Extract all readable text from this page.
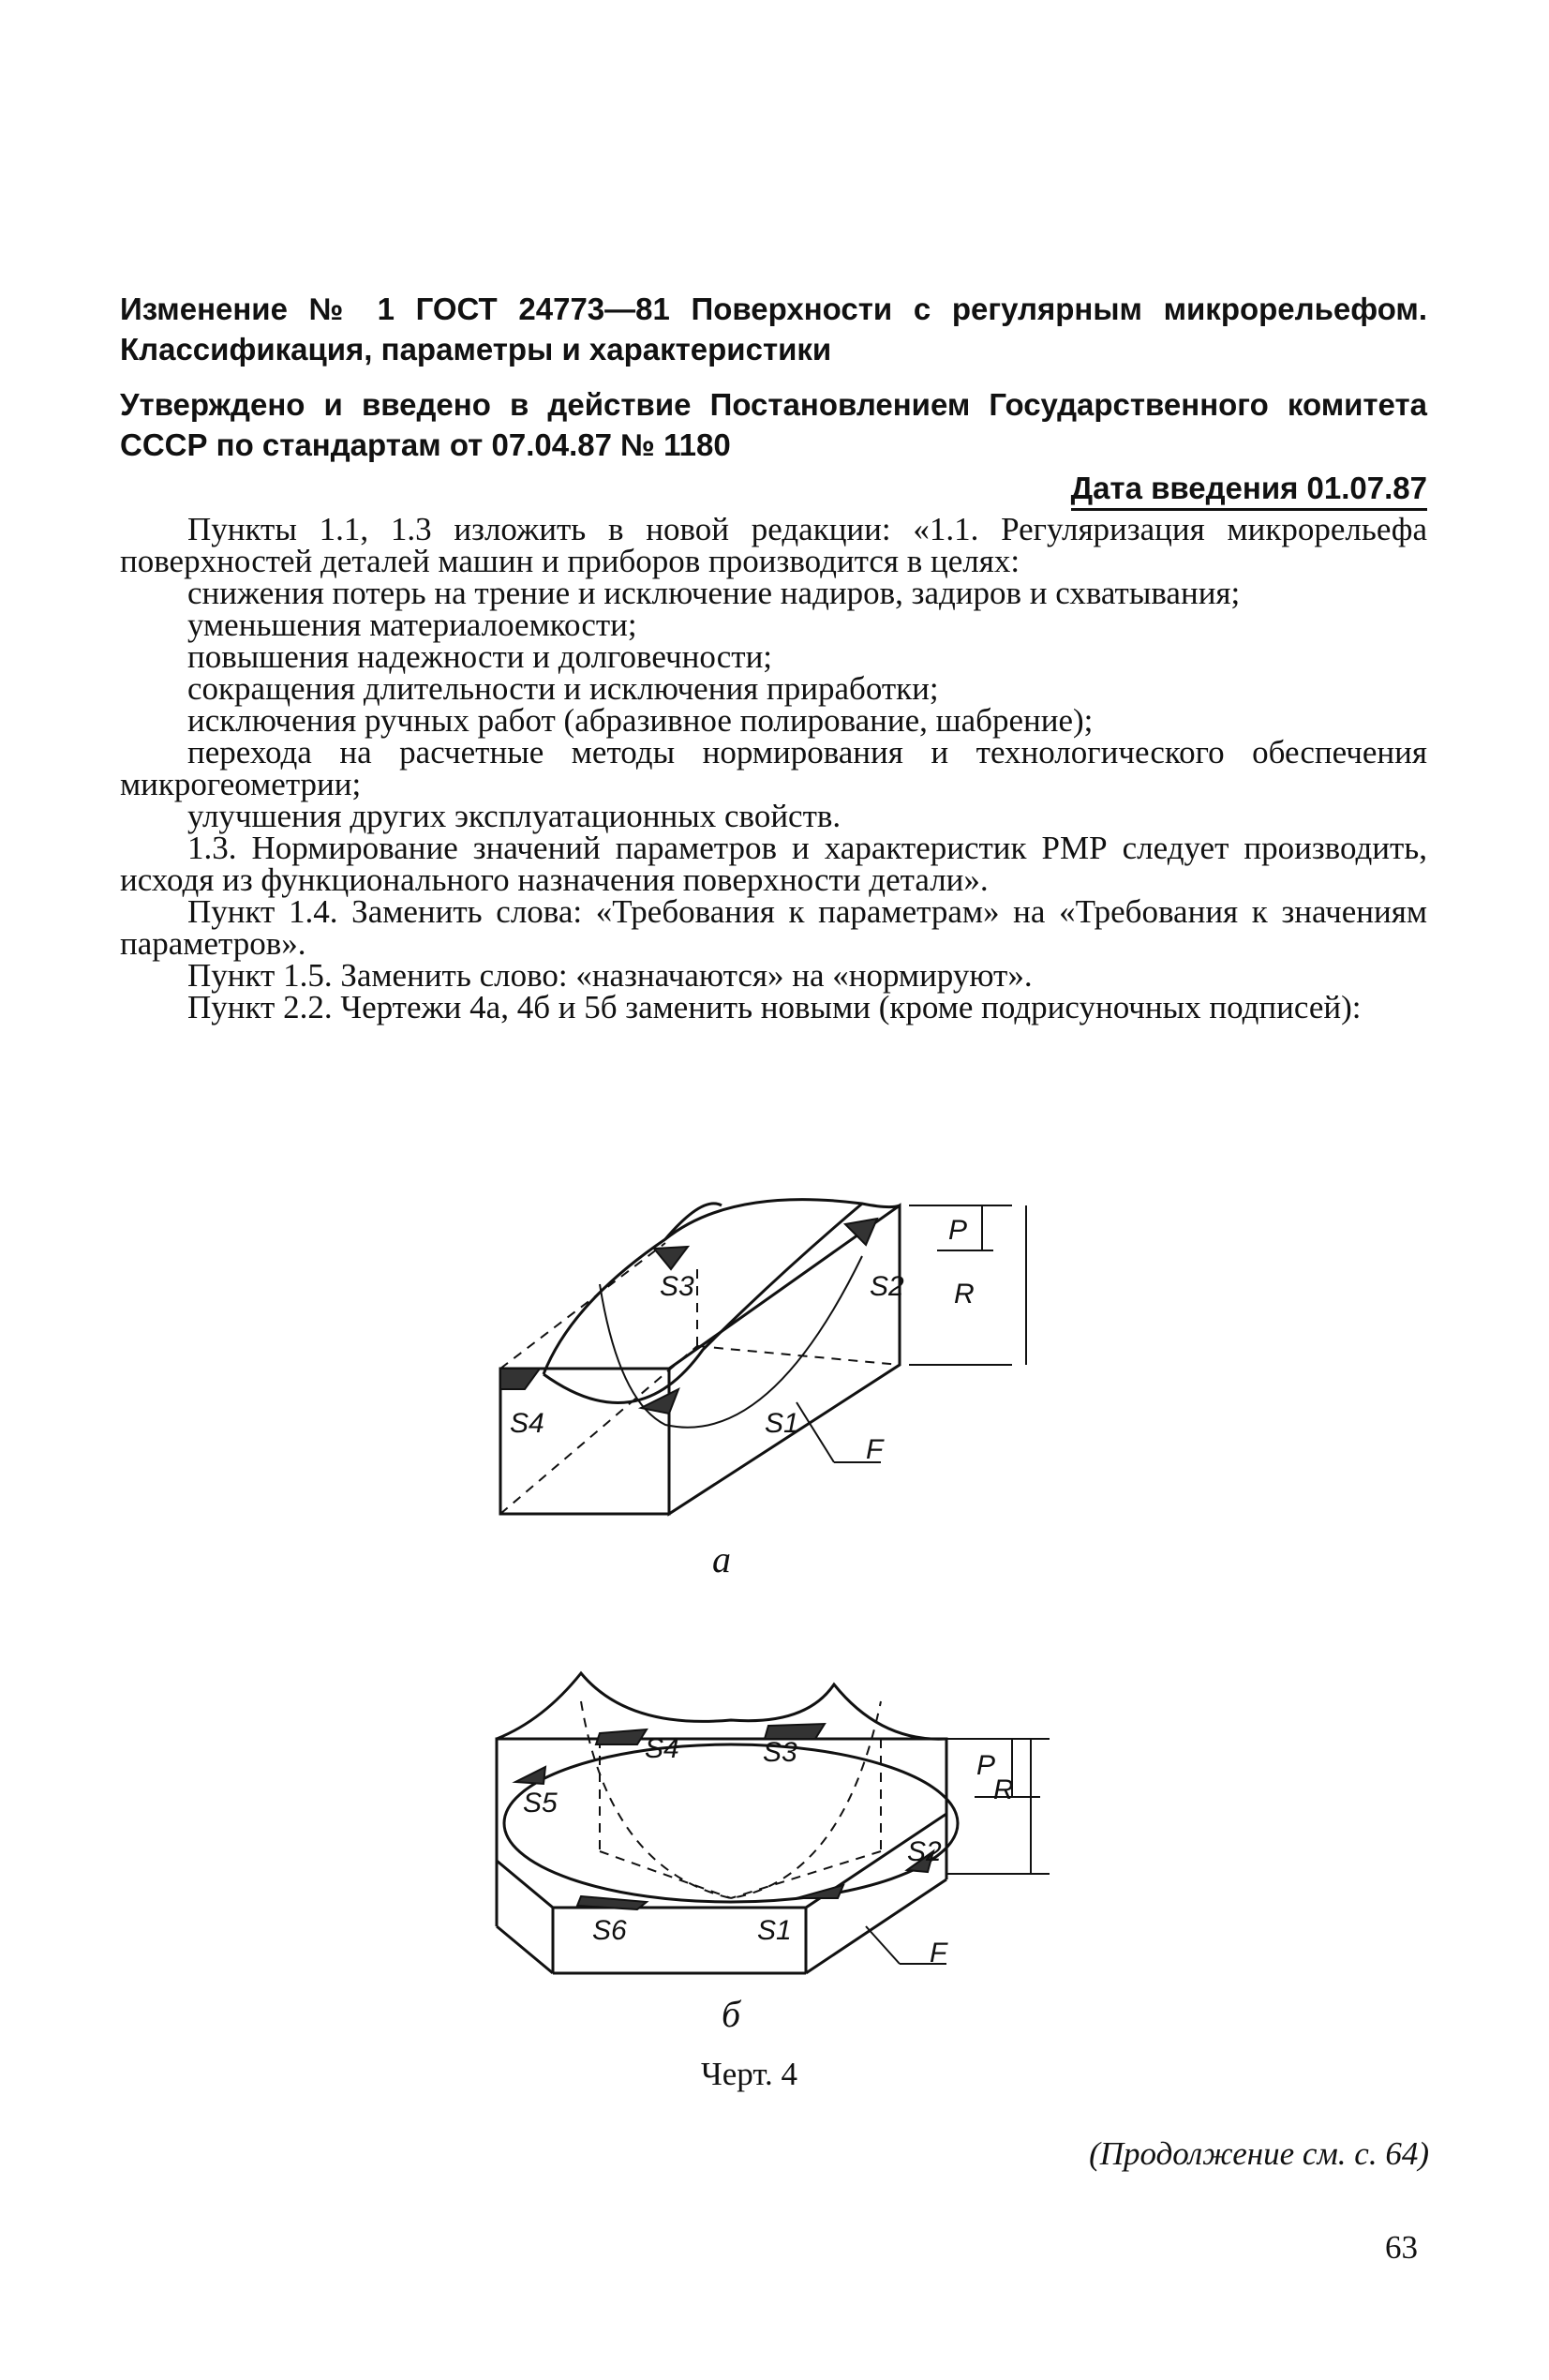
Изменение № 1 ГОСТ 24773—81 Поверхности с регулярным микрорельефом. Классификация, параметры и характеристики

Утверждено и введено в действие Постановлением Государственного комитета СССР по стандартам от 07.04.87 № 1180

Дата введения 01.07.87

Пункты 1.1, 1.3 изложить в новой редакции: «1.1. Регуляризация микрорельефа поверхностей деталей машин и приборов производится в целях:

снижения потерь на трение и исключение надиров, задиров и схватывания;

уменьшения материалоемкости;

повышения надежности и долговечности;

сокращения длительности и исключения приработки;

исключения ручных работ (абразивное полирование, шабрение);

перехода на расчетные методы нормирования и технологического обеспечения микрогеометрии;

улучшения других эксплуатационных свойств.

1.3. Нормирование значений параметров и характеристик РМР следует производить, исходя из функционального назначения поверхности детали».

Пункт 1.4. Заменить слова: «Требования к параметрам» на «Требования к значениям параметров».

Пункт 1.5. Заменить слово: «назначаются» на «нормируют».

Пункт 2.2. Чертежи 4а, 4б и 5б заменить новыми (кроме подрисуночных подписей):

S3	S2
S4	S1
F
P
R
а
S4	S3
S5
S2
S6	S1
F
P
R
б
Черт. 4
(Продолжение см. с. 64)
63
